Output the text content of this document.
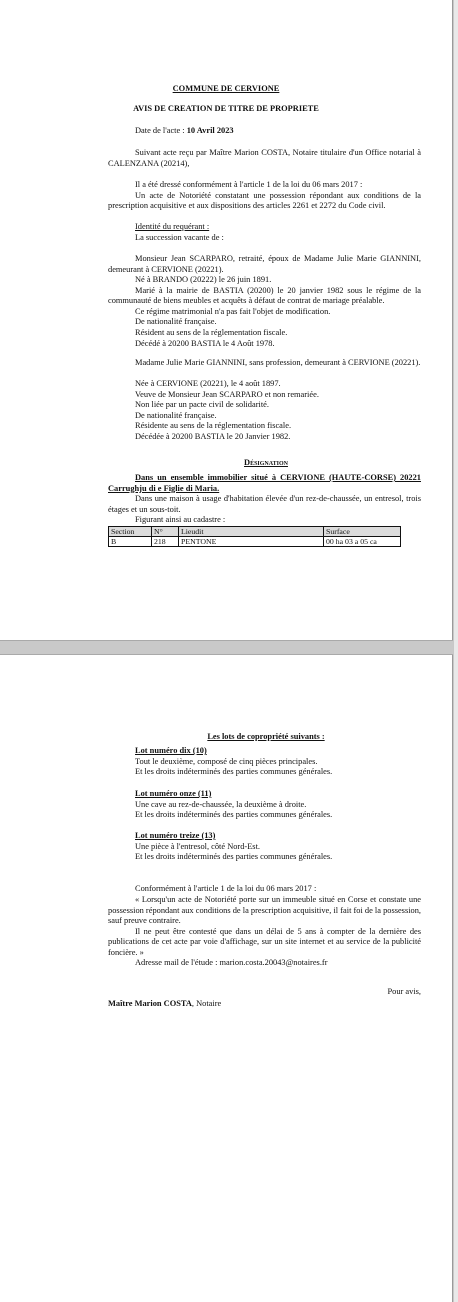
COMMUNE DE CERVIONE
AVIS DE CREATION DE TITRE DE PROPRIETE
Date de l'acte : 10 Avril 2023
Suivant acte reçu par Maître Marion COSTA, Notaire titulaire d'un Office notarial à CALENZANA (20214),
Il a été dressé conformément à l'article 1 de la loi du 06 mars 2017 :
Un acte de Notoriété constatant une possession répondant aux conditions de la prescription acquisitive et aux dispositions des articles 2261 et 2272 du Code civil.
Identité du requérant :
La succession vacante de :
Monsieur Jean SCARPARO, retraité, époux de Madame Julie Marie GIANNINI, demeurant à CERVIONE (20221).
Né à BRANDO (20222) le 26 juin 1891.
Marié à la mairie de BASTIA (20200) le 20 janvier 1982 sous le régime de la communauté de biens meubles et acquêts à défaut de contrat de mariage préalable.
Ce régime matrimonial n'a pas fait l'objet de modification.
De nationalité française.
Résident au sens de la réglementation fiscale.
Décédé à 20200 BASTIA le 4 Août 1978.
Madame Julie Marie GIANNINI, sans profession, demeurant à CERVIONE (20221).
Née à CERVIONE (20221), le 4 août 1897.
Veuve de Monsieur Jean SCARPARO et non remariée.
Non liée par un pacte civil de solidarité.
De nationalité française.
Résidente au sens de la réglementation fiscale.
Décédée à 20200 BASTIA le 20 Janvier 1982.
Désignation
Dans un ensemble immobilier situé à CERVIONE (HAUTE-CORSE) 20221 Carrughju di e Figlie di Maria.
Dans une maison à usage d'habitation élevée d'un rez-de-chaussée, un entresol, trois étages et un sous-toit.
Figurant ainsi au cadastre :
Section	N°	Lieudit	Surface
B	218	PENTONE	00 ha 03 a 05 ca
Les lots de copropriété suivants :
Lot numéro dix (10)
Tout le deuxième, composé de cinq pièces principales.
Et les droits indéterminés des parties communes générales.
Lot numéro onze (11)
Une cave au rez-de-chaussée, la deuxième à droite.
Et les droits indéterminés des parties communes générales.
Lot numéro treize (13)
Une pièce à l'entresol, côté Nord-Est.
Et les droits indéterminés des parties communes générales.
Conformément à l'article 1 de la loi du 06 mars 2017 :
« Lorsqu'un acte de Notoriété porte sur un immeuble situé en Corse et constate une possession répondant aux conditions de la prescription acquisitive, il fait foi de la possession, sauf preuve contraire.
Il ne peut être contesté que dans un délai de 5 ans à compter de la dernière des publications de cet acte par voie d'affichage, sur un site internet et au service de la publicité foncière. »
Adresse mail de l'étude : marion.costa.20043@notaires.fr
Pour avis,
Maître Marion COSTA, Notaire
